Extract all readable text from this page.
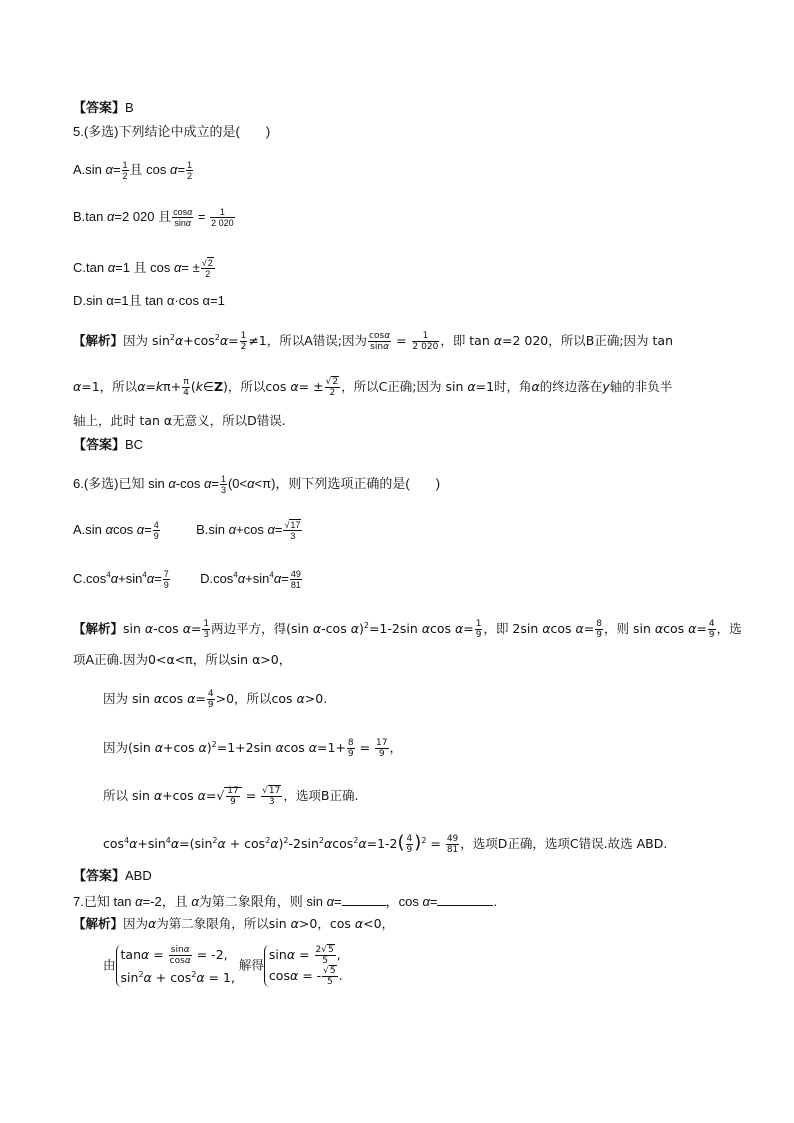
【答案】B
5.(多选)下列结论中成立的是(　　)
A.sin $\alpha= \frac{1}{2}$ 且 $\cos \alpha= \frac{1}{2}$
B.tan α=2 020 且 $\frac{\cos\alpha}{\sin\alpha} = \frac{1}{2 020}$
C.tan α=1 且 $\cos \alpha= \pm \frac{√2}{2}$
D.sin α=1且 tan α·cos α=1
【解析】因为 $\sin^2\alpha+\cos^2\alpha= \frac{1}{2} \ne 1$，所以A错误;因为 $\frac{\cos\alpha}{\sin\alpha} = \frac{1}{2 020}$ ，即 tan α=2 020，所以B正确;因为 tan
α=1，所以$\alpha=k\pi+ \frac{\pi}{4}$ (k∈Z)，所以$\cos \alpha= \pm \frac{√2}{2}$ ，所以C正确;因为 sin α=1时，角α的终边落在y轴的非负半
轴上，此时 tan α无意义，所以D错误.
【答案】BC
6.(多选)已知 sin α-cos $\alpha= \frac{1}{3} (0<\alpha<\pi)$，则下列选项正确的是(　　)
A.sin αcos $\alpha= \frac{4}{9}$	B.sin α+cos $\alpha= \frac{√17}{3}$
$C.\cos^4\alpha+\sin^4\alpha= \frac{7}{9} D.\cos^4\alpha+\sin^4\alpha= \frac{49}{81}$
【解析】sin α-cos $\alpha= \frac{1}{3}$ 两边平方，得(sin α-cos α)$^2$=1-2sin αcos $\alpha= \frac{1}{9}$ ，即 2sin αcos $\alpha= \frac{8}{9}$ ，则 sin αcos $\alpha= \frac{4}{9}$ ，选
项A正确.因为0<α<π，所以sin α>0，
因为 sin αcos $\alpha= \frac{4}{9} >0$，所以cos α>0.
因为(sin α+cos α)$^2$=1+2sin αcos $\alpha=1+ \frac{8}{9} = \frac{17}{9}$ ，
所以 sin α+cos $\alpha=√ \frac{17}{9} = \frac{√17}{3}$ ，选项B正确.
$\cos^4\alpha+\sin^4\alpha=(\sin^2\alpha + \cos^2\alpha)^2-2\sin^2\alpha\cos^2\alpha=1-2( \frac{4}{9} )^2 = \frac{49}{81}$ ，选项D正确，选项C错误.故选 ABD.
【答案】ABD
7.已知 tan α=-2，且 α为第二象限角，则 sin α=	，cos α=	.
【解析】因为α为第二象限角，所以sin α>0，cos α<0，
由$\tan\alpha = \frac{\sin\alpha}{\cos\alpha} = -2$,
$\sin^2\alpha + \cos^2\alpha = 1$, 解得$\sin\alpha = \frac{2√5}{5}$ ,
cosα = - $\frac{√5}{5}$ .
